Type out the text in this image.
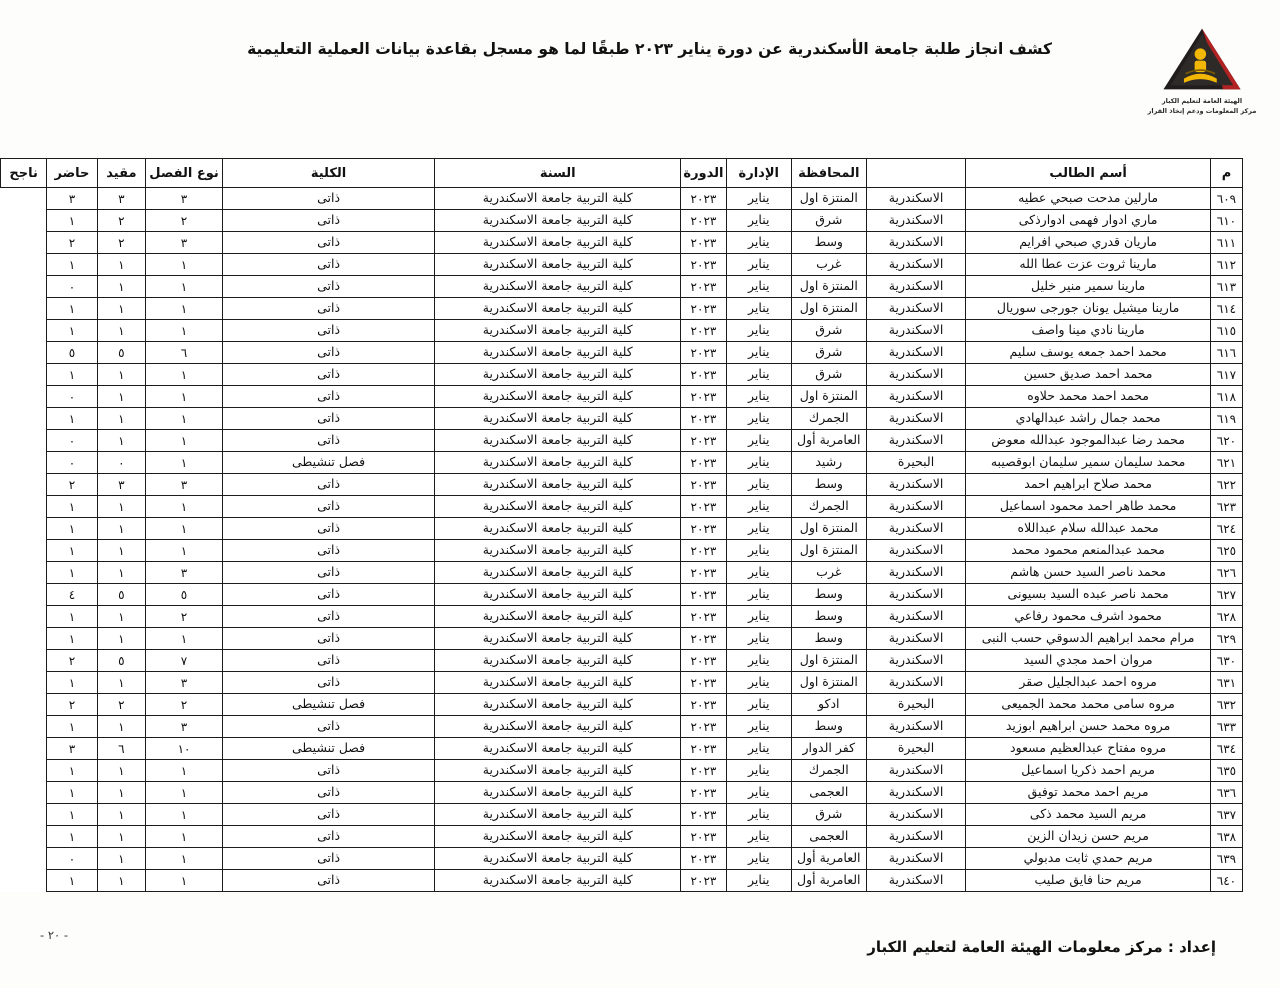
كشف انجاز طلبة جامعة الأسكندرية عن دورة يناير ٢٠٢٣ طبقًا لما هو مسجل بقاعدة بيانات العملية التعليمية
الهيئة العامة لتعليم الكبار
مركز المعلومات ودعم إتخاذ القرار
م	أسم الطالب		المحافظة	الإدارة	الدورة	السنة	الكلية	نوع الفصل	مقيد	حاضر	ناجح
٦٠٩	مارلين مدحت صبحي عطيه	الاسكندرية	المنتزة اول	يناير	٢٠٢٣	كلية التربية جامعة الاسكندرية	ذاتى	٣	٣	٣	
٦١٠	ماري ادوار فهمى ادوارذكى	الاسكندرية	شرق	يناير	٢٠٢٣	كلية التربية جامعة الاسكندرية	ذاتى	٢	٢	١	
٦١١	ماريان قدري صبحي افرايم	الاسكندرية	وسط	يناير	٢٠٢٣	كلية التربية جامعة الاسكندرية	ذاتى	٣	٢	٢	
٦١٢	مارينا ثروت عزت عطا الله	الاسكندرية	غرب	يناير	٢٠٢٣	كلية التربية جامعة الاسكندرية	ذاتى	١	١	١	
٦١٣	مارينا سمير منير خليل	الاسكندرية	المنتزة اول	يناير	٢٠٢٣	كلية التربية جامعة الاسكندرية	ذاتى	١	١	٠	
٦١٤	مارينا ميشيل يونان جورجى سوريال	الاسكندرية	المنتزة اول	يناير	٢٠٢٣	كلية التربية جامعة الاسكندرية	ذاتى	١	١	١	
٦١٥	مارينا نادي مينا واصف	الاسكندرية	شرق	يناير	٢٠٢٣	كلية التربية جامعة الاسكندرية	ذاتى	١	١	١	
٦١٦	محمد احمد جمعه يوسف سليم	الاسكندرية	شرق	يناير	٢٠٢٣	كلية التربية جامعة الاسكندرية	ذاتى	٦	٥	٥	
٦١٧	محمد احمد صديق حسين	الاسكندرية	شرق	يناير	٢٠٢٣	كلية التربية جامعة الاسكندرية	ذاتى	١	١	١	
٦١٨	محمد احمد محمد حلاوه	الاسكندرية	المنتزة اول	يناير	٢٠٢٣	كلية التربية جامعة الاسكندرية	ذاتى	١	١	٠	
٦١٩	محمد جمال راشد عبدالهادي	الاسكندرية	الجمرك	يناير	٢٠٢٣	كلية التربية جامعة الاسكندرية	ذاتى	١	١	١	
٦٢٠	محمد رضا عبدالموجود عبدالله معوض	الاسكندرية	العامرية أول	يناير	٢٠٢٣	كلية التربية جامعة الاسكندرية	ذاتى	١	١	٠	
٦٢١	محمد سليمان سمير سليمان ابوقصيبه	البحيرة	رشيد	يناير	٢٠٢٣	كلية التربية جامعة الاسكندرية	فصل تنشيطى	١	٠	٠	
٦٢٢	محمد صلاح ابراهيم احمد	الاسكندرية	وسط	يناير	٢٠٢٣	كلية التربية جامعة الاسكندرية	ذاتى	٣	٣	٢	
٦٢٣	محمد طاهر احمد محمود اسماعيل	الاسكندرية	الجمرك	يناير	٢٠٢٣	كلية التربية جامعة الاسكندرية	ذاتى	١	١	١	
٦٢٤	محمد عبدالله سلام عبداللاه	الاسكندرية	المنتزة اول	يناير	٢٠٢٣	كلية التربية جامعة الاسكندرية	ذاتى	١	١	١	
٦٢٥	محمد عبدالمنعم محمود محمد	الاسكندرية	المنتزة اول	يناير	٢٠٢٣	كلية التربية جامعة الاسكندرية	ذاتى	١	١	١	
٦٢٦	محمد ناصر السيد حسن هاشم	الاسكندرية	غرب	يناير	٢٠٢٣	كلية التربية جامعة الاسكندرية	ذاتى	٣	١	١	
٦٢٧	محمد ناصر عبده السيد بسيونى	الاسكندرية	وسط	يناير	٢٠٢٣	كلية التربية جامعة الاسكندرية	ذاتى	٥	٥	٤	
٦٢٨	محمود اشرف محمود رفاعي	الاسكندرية	وسط	يناير	٢٠٢٣	كلية التربية جامعة الاسكندرية	ذاتى	٢	١	١	
٦٢٩	مرام محمد ابراهيم الدسوقي حسب النبى	الاسكندرية	وسط	يناير	٢٠٢٣	كلية التربية جامعة الاسكندرية	ذاتى	١	١	١	
٦٣٠	مروان احمد مجدي السيد	الاسكندرية	المنتزة اول	يناير	٢٠٢٣	كلية التربية جامعة الاسكندرية	ذاتى	٧	٥	٢	
٦٣١	مروه احمد عبدالجليل صقر	الاسكندرية	المنتزة اول	يناير	٢٠٢٣	كلية التربية جامعة الاسكندرية	ذاتى	٣	١	١	
٦٣٢	مروه سامى محمد محمد الجميعى	البحيرة	ادكو	يناير	٢٠٢٣	كلية التربية جامعة الاسكندرية	فصل تنشيطى	٢	٢	٢	
٦٣٣	مروه محمد حسن ابراهيم ابوزيد	الاسكندرية	وسط	يناير	٢٠٢٣	كلية التربية جامعة الاسكندرية	ذاتى	٣	١	١	
٦٣٤	مروه مفتاح عبدالعظيم مسعود	البحيرة	كفر الدوار	يناير	٢٠٢٣	كلية التربية جامعة الاسكندرية	فصل تنشيطى	١٠	٦	٣	
٦٣٥	مريم احمد ذكريا اسماعيل	الاسكندرية	الجمرك	يناير	٢٠٢٣	كلية التربية جامعة الاسكندرية	ذاتى	١	١	١	
٦٣٦	مريم احمد محمد توفيق	الاسكندرية	العجمى	يناير	٢٠٢٣	كلية التربية جامعة الاسكندرية	ذاتى	١	١	١	
٦٣٧	مريم السيد محمد ذكى	الاسكندرية	شرق	يناير	٢٠٢٣	كلية التربية جامعة الاسكندرية	ذاتى	١	١	١	
٦٣٨	مريم حسن زيدان الزين	الاسكندرية	العجمى	يناير	٢٠٢٣	كلية التربية جامعة الاسكندرية	ذاتى	١	١	١	
٦٣٩	مريم حمدي ثابت مدبولي	الاسكندرية	العامرية أول	يناير	٢٠٢٣	كلية التربية جامعة الاسكندرية	ذاتى	١	١	٠	
٦٤٠	مريم حنا فايق صليب	الاسكندرية	العامرية أول	يناير	٢٠٢٣	كلية التربية جامعة الاسكندرية	ذاتى	١	١	١	
إعداد : مركز معلومات الهيئة العامة لتعليم الكبار
- ٢٠ -
